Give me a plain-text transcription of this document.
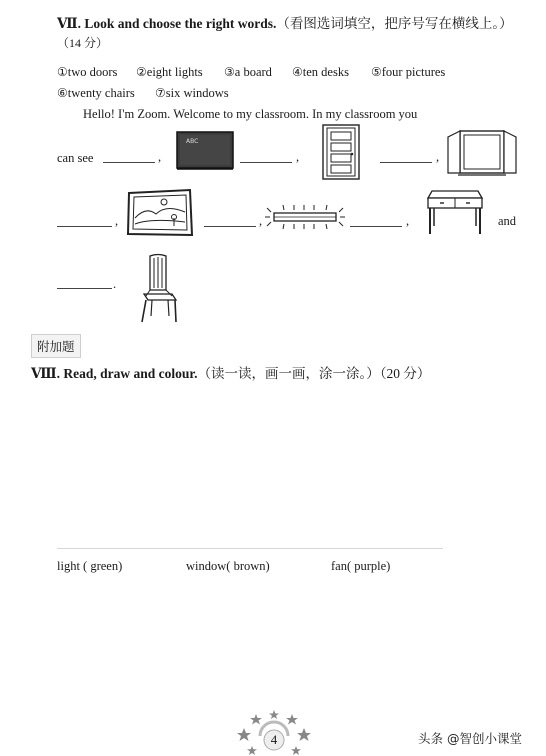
Ⅶ. Look and choose the right words.（看图选词填空，把序号写在横线上。）
（14 分）
①two doors ②eight lights ③a board ④ten desks ⑤four pictures
⑥twenty chairs ⑦six windows
Hello! I'm Zoom. Welcome to my classroom. In my classroom you
can see	,
ABC
,	,
,	,	,	and
.
附加题
Ⅷ. Read, draw and colour.（读一读，画一画，涂一涂。）（20 分）
light ( green)	window( brown)	fan( purple)
4	头条 @智创小课堂
